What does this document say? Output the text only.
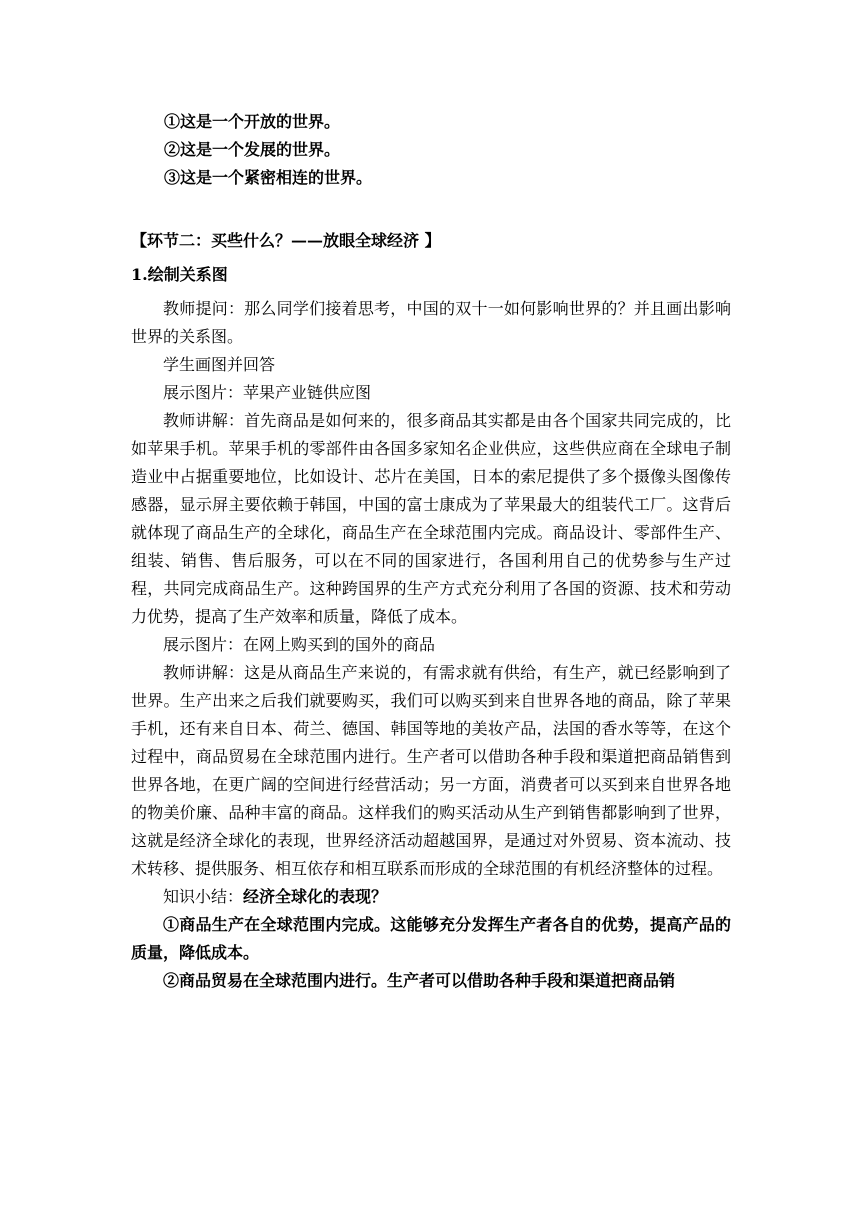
①这是一个开放的世界。

②这是一个发展的世界。

③这是一个紧密相连的世界。

【环节二：买些什么？——放眼全球经济 】

1.绘制关系图

教师提问：那么同学们接着思考，中国的双十一如何影响世界的？并且画出影响世界的关系图。

学生画图并回答

展示图片：苹果产业链供应图

教师讲解：首先商品是如何来的，很多商品其实都是由各个国家共同完成的，比如苹果手机。苹果手机的零部件由各国多家知名企业供应，这些供应商在全球电子制造业中占据重要地位，比如设计、芯片在美国，日本的索尼提供了多个摄像头图像传感器，显示屏主要依赖于韩国，中国的富士康成为了苹果最大的组装代工厂。这背后就体现了商品生产的全球化，商品生产在全球范围内完成。商品设计、零部件生产、组装、销售、售后服务，可以在不同的国家进行，各国利用自己的优势参与生产过程，共同完成商品生产。这种跨国界的生产方式充分利用了各国的资源、技术和劳动力优势，提高了生产效率和质量，降低了成本。

展示图片：在网上购买到的国外的商品

教师讲解：这是从商品生产来说的，有需求就有供给，有生产，就已经影响到了世界。生产出来之后我们就要购买，我们可以购买到来自世界各地的商品，除了苹果手机，还有来自日本、荷兰、德国、韩国等地的美妆产品，法国的香水等等，在这个过程中，商品贸易在全球范围内进行。生产者可以借助各种手段和渠道把商品销售到世界各地，在更广阔的空间进行经营活动；另一方面，消费者可以买到来自世界各地的物美价廉、品种丰富的商品。这样我们的购买活动从生产到销售都影响到了世界，这就是经济全球化的表现，世界经济活动超越国界，是通过对外贸易、资本流动、技术转移、提供服务、相互依存和相互联系而形成的全球范围的有机经济整体的过程。

知识小结：经济全球化的表现？

①商品生产在全球范围内完成。这能够充分发挥生产者各自的优势，提高产品的质量，降低成本。

②商品贸易在全球范围内进行。生产者可以借助各种手段和渠道把商品销
